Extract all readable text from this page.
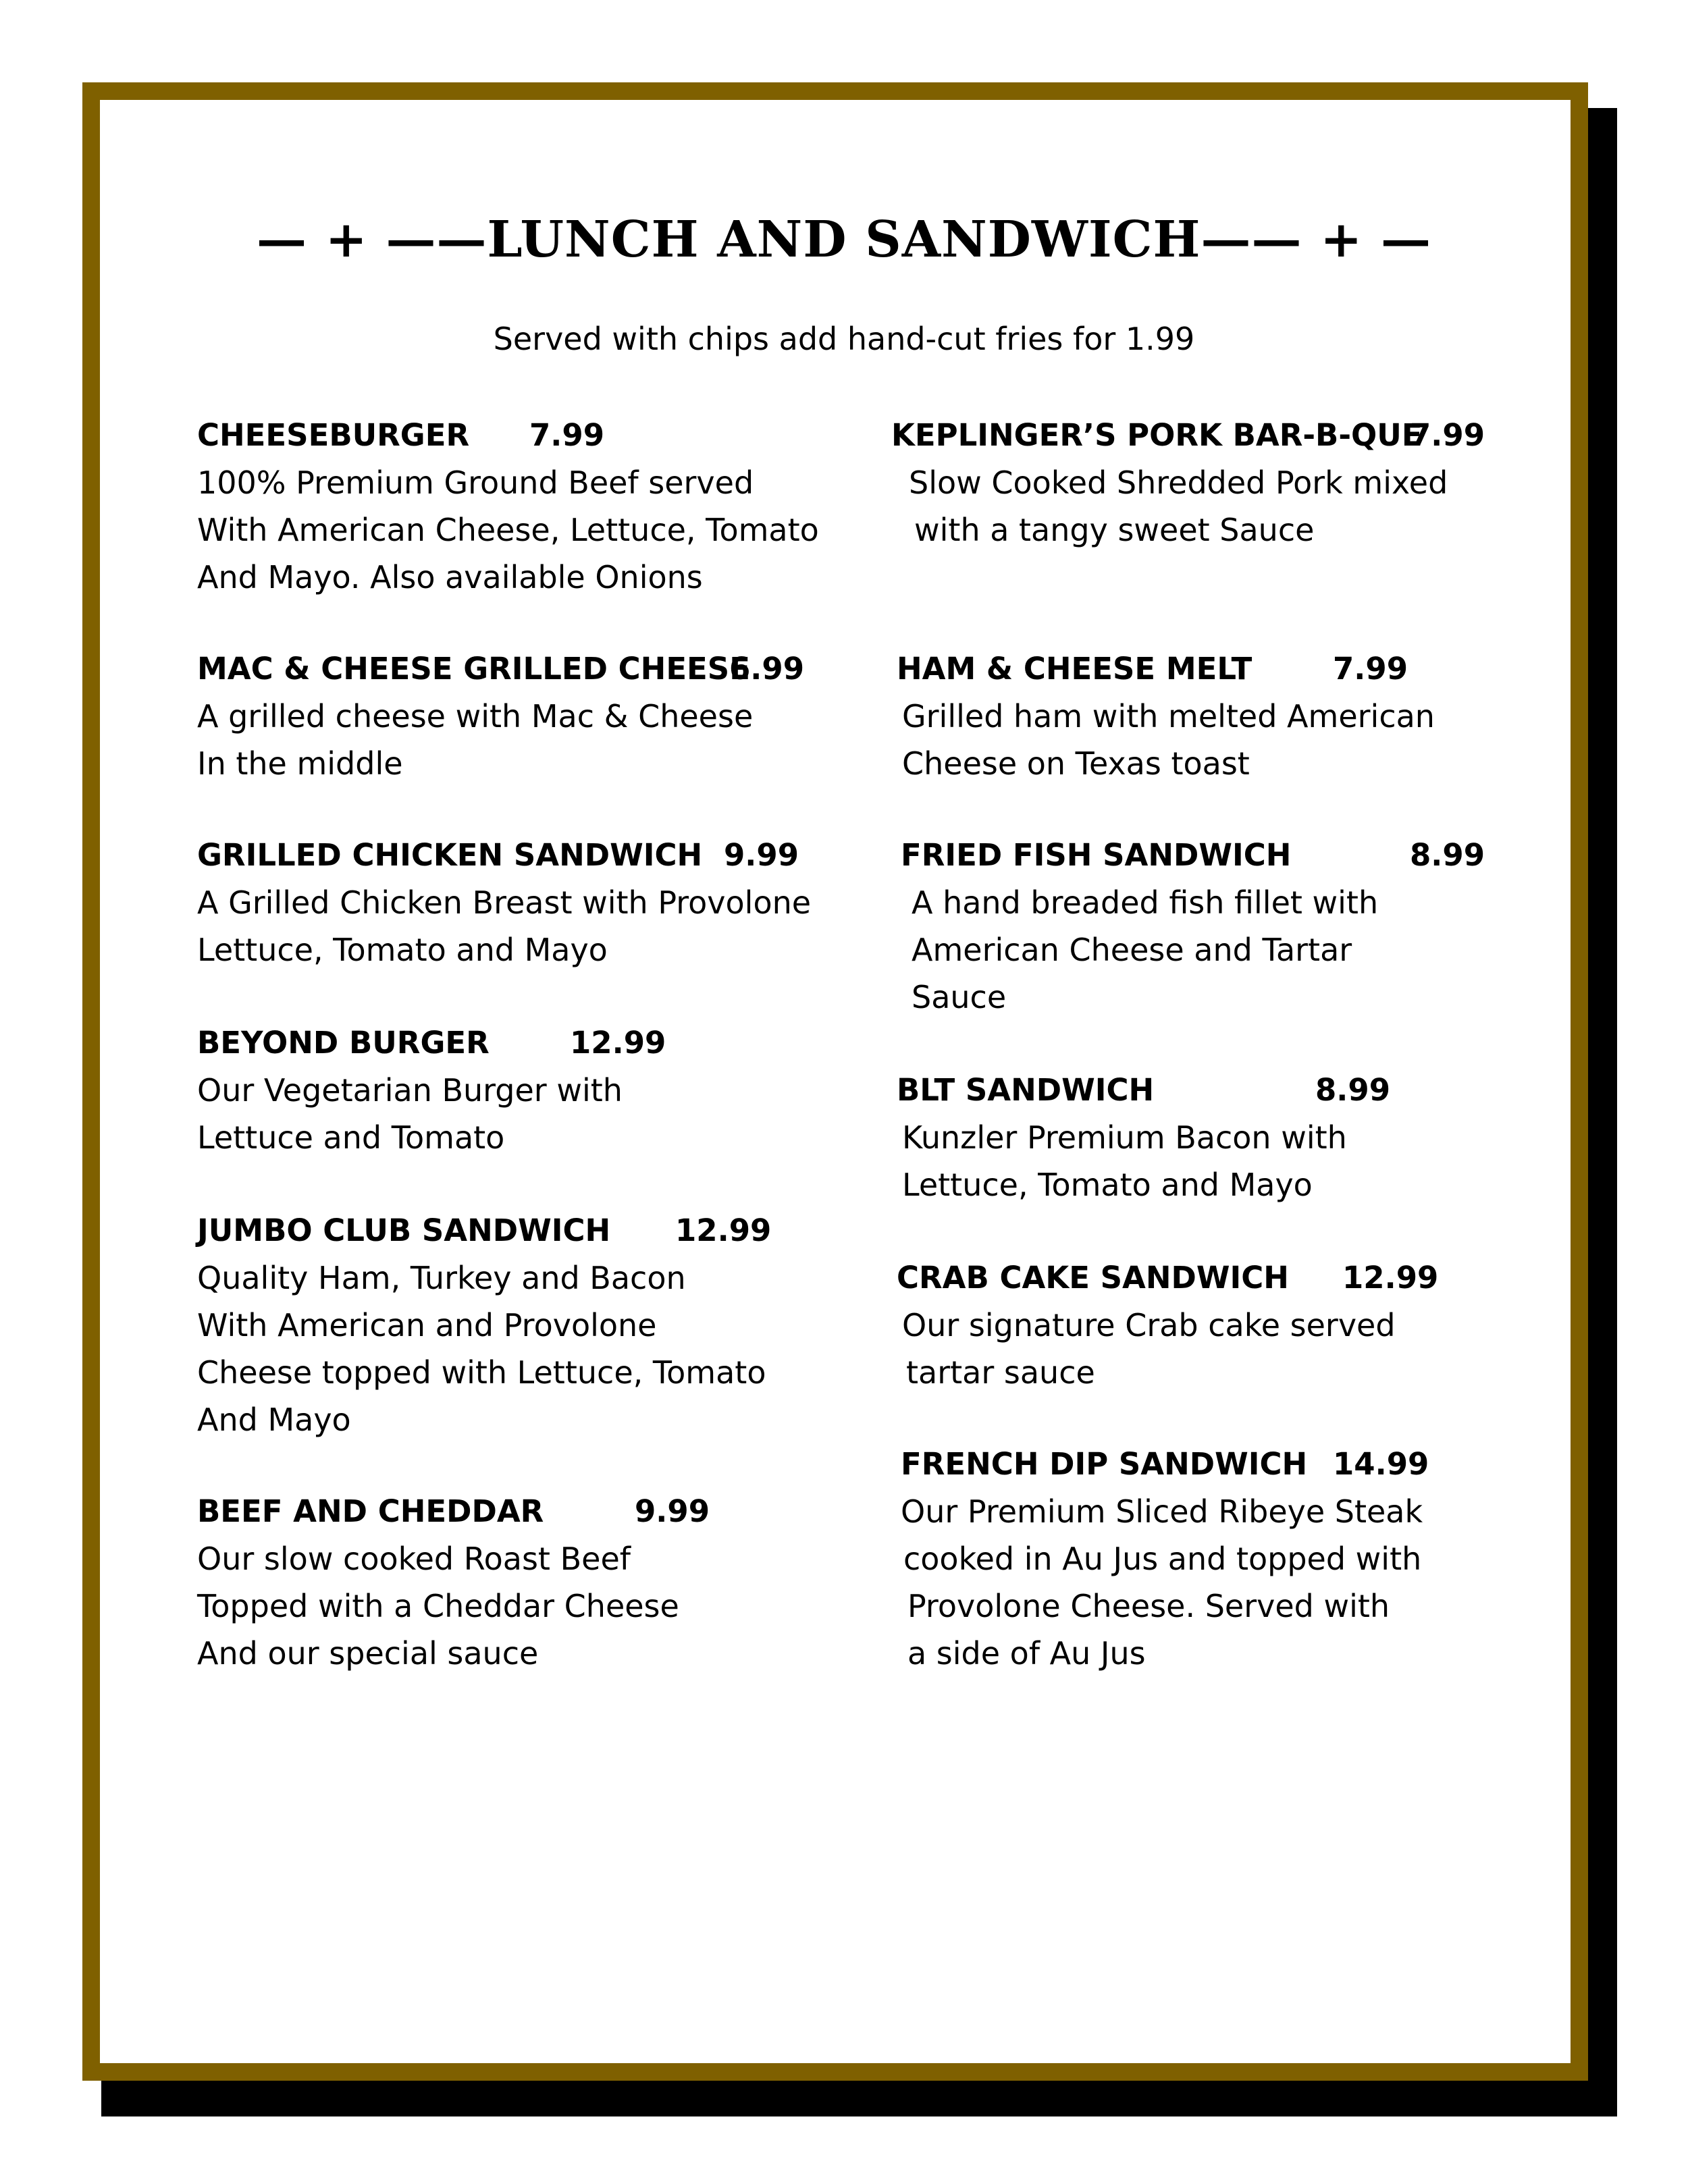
— + ——LUNCH AND SANDWICH—— + —
Served with chips add hand-cut fries for 1.99
CHEESEBURGER 7.99
100% Premium Ground Beef served
With American Cheese, Lettuce, Tomato
And Mayo. Also available Onions
MAC & CHEESE GRILLED CHEESE
6.99
A grilled cheese with Mac & Cheese
In the middle
GRILLED CHICKEN SANDWICH 9.99
A Grilled Chicken Breast with Provolone
Lettuce, Tomato and Mayo
BEYOND BURGER	12.99
Our Vegetarian Burger with
Lettuce and Tomato
JUMBO CLUB SANDWICH 12.99
Quality Ham, Turkey and Bacon
With American and Provolone
Cheese topped with Lettuce, Tomato
And Mayo
BEEF AND CHEDDAR	9.99
Our slow cooked Roast Beef
Topped with a Cheddar Cheese
And our special sauce
KEPLINGER’S PORK BAR-B-QUE
7.99
Slow Cooked Shredded Pork mixed
with a tangy sweet Sauce
HAM & CHEESE MELT	7.99
Grilled ham with melted American
Cheese on Texas toast
FRIED FISH SANDWICH	8.99
A hand breaded fish fillet with
American Cheese and Tartar
Sauce
BLT SANDWICH	8.99
Kunzler Premium Bacon with
Lettuce, Tomato and Mayo
CRAB CAKE SANDWICH 12.99
Our signature Crab cake served
tartar sauce
FRENCH DIP SANDWICH 14.99
Our Premium Sliced Ribeye Steak
cooked in Au Jus and topped with
Provolone Cheese. Served with
a side of Au Jus
